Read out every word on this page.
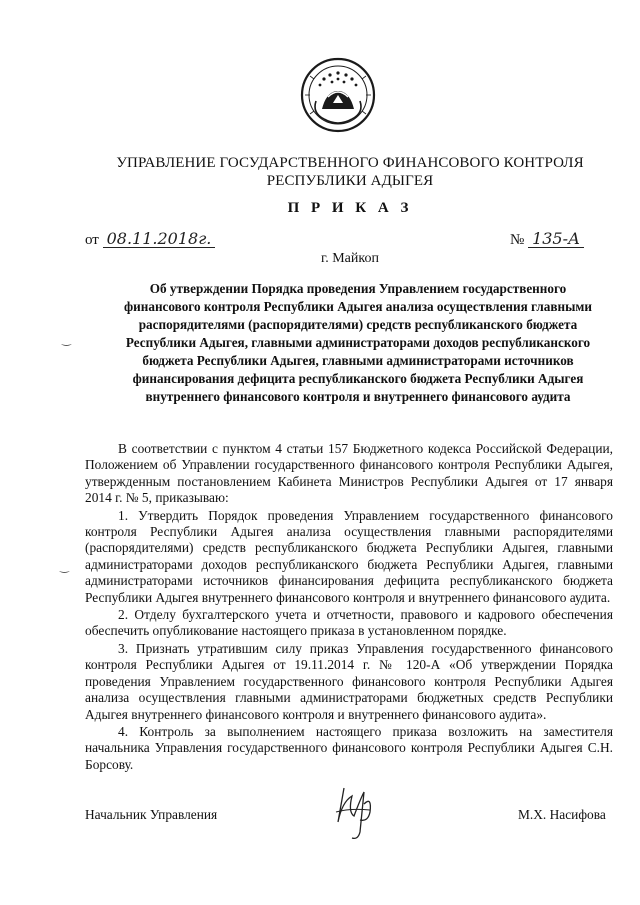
УПРАВЛЕНИЕ ГОСУДАРСТВЕННОГО ФИНАНСОВОГО КОНТРОЛЯ
РЕСПУБЛИКИ АДЫГЕЯ
П Р И К А З
от 08.11.2018г.	№ 135-А
г. Майкоп
Об утверждении Порядка проведения Управлением государственного
финансового контроля Республики Адыгея анализа осуществления главными
распорядителями (распорядителями) средств республиканского бюджета
Республики Адыгея, главными администраторами доходов республиканского
бюджета Республики Адыгея, главными администраторами источников
финансирования дефицита республиканского бюджета Республики Адыгея
внутреннего финансового контроля и внутреннего финансового аудита

В соответствии с пунктом 4 статьи 157 Бюджетного кодекса Российской Федерации, Положением об Управлении государственного финансового контроля Республики Адыгея, утвержденным постановлением Кабинета Министров Республики Адыгея от 17 января 2014 г. № 5, приказываю:

1. Утвердить Порядок проведения Управлением государственного финансового контроля Республики Адыгея анализа осуществления главными распорядителями (распорядителями) средств республиканского бюджета Республики Адыгея, главными администраторами доходов республиканского бюджета Республики Адыгея, главными администраторами источников финансирования дефицита республиканского бюджета Республики Адыгея внутреннего финансового контроля и внутреннего финансового аудита.

2. Отделу бухгалтерского учета и отчетности, правового и кадрового обеспечения обеспечить опубликование настоящего приказа в установленном порядке.

3. Признать утратившим силу приказ Управления государственного финансового контроля Республики Адыгея от 19.11.2014 г. № 120-А «Об утверждении Порядка проведения Управлением государственного финансового контроля Республики Адыгея анализа осуществления главными администраторами бюджетных средств Республики Адыгея внутреннего финансового контроля и внутреннего финансового аудита».

4. Контроль за выполнением настоящего приказа возложить на заместителя начальника Управления государственного финансового контроля Республики Адыгея С.Н. Борсову.

Начальник Управления	М.Х. Насифова
‿
‿
